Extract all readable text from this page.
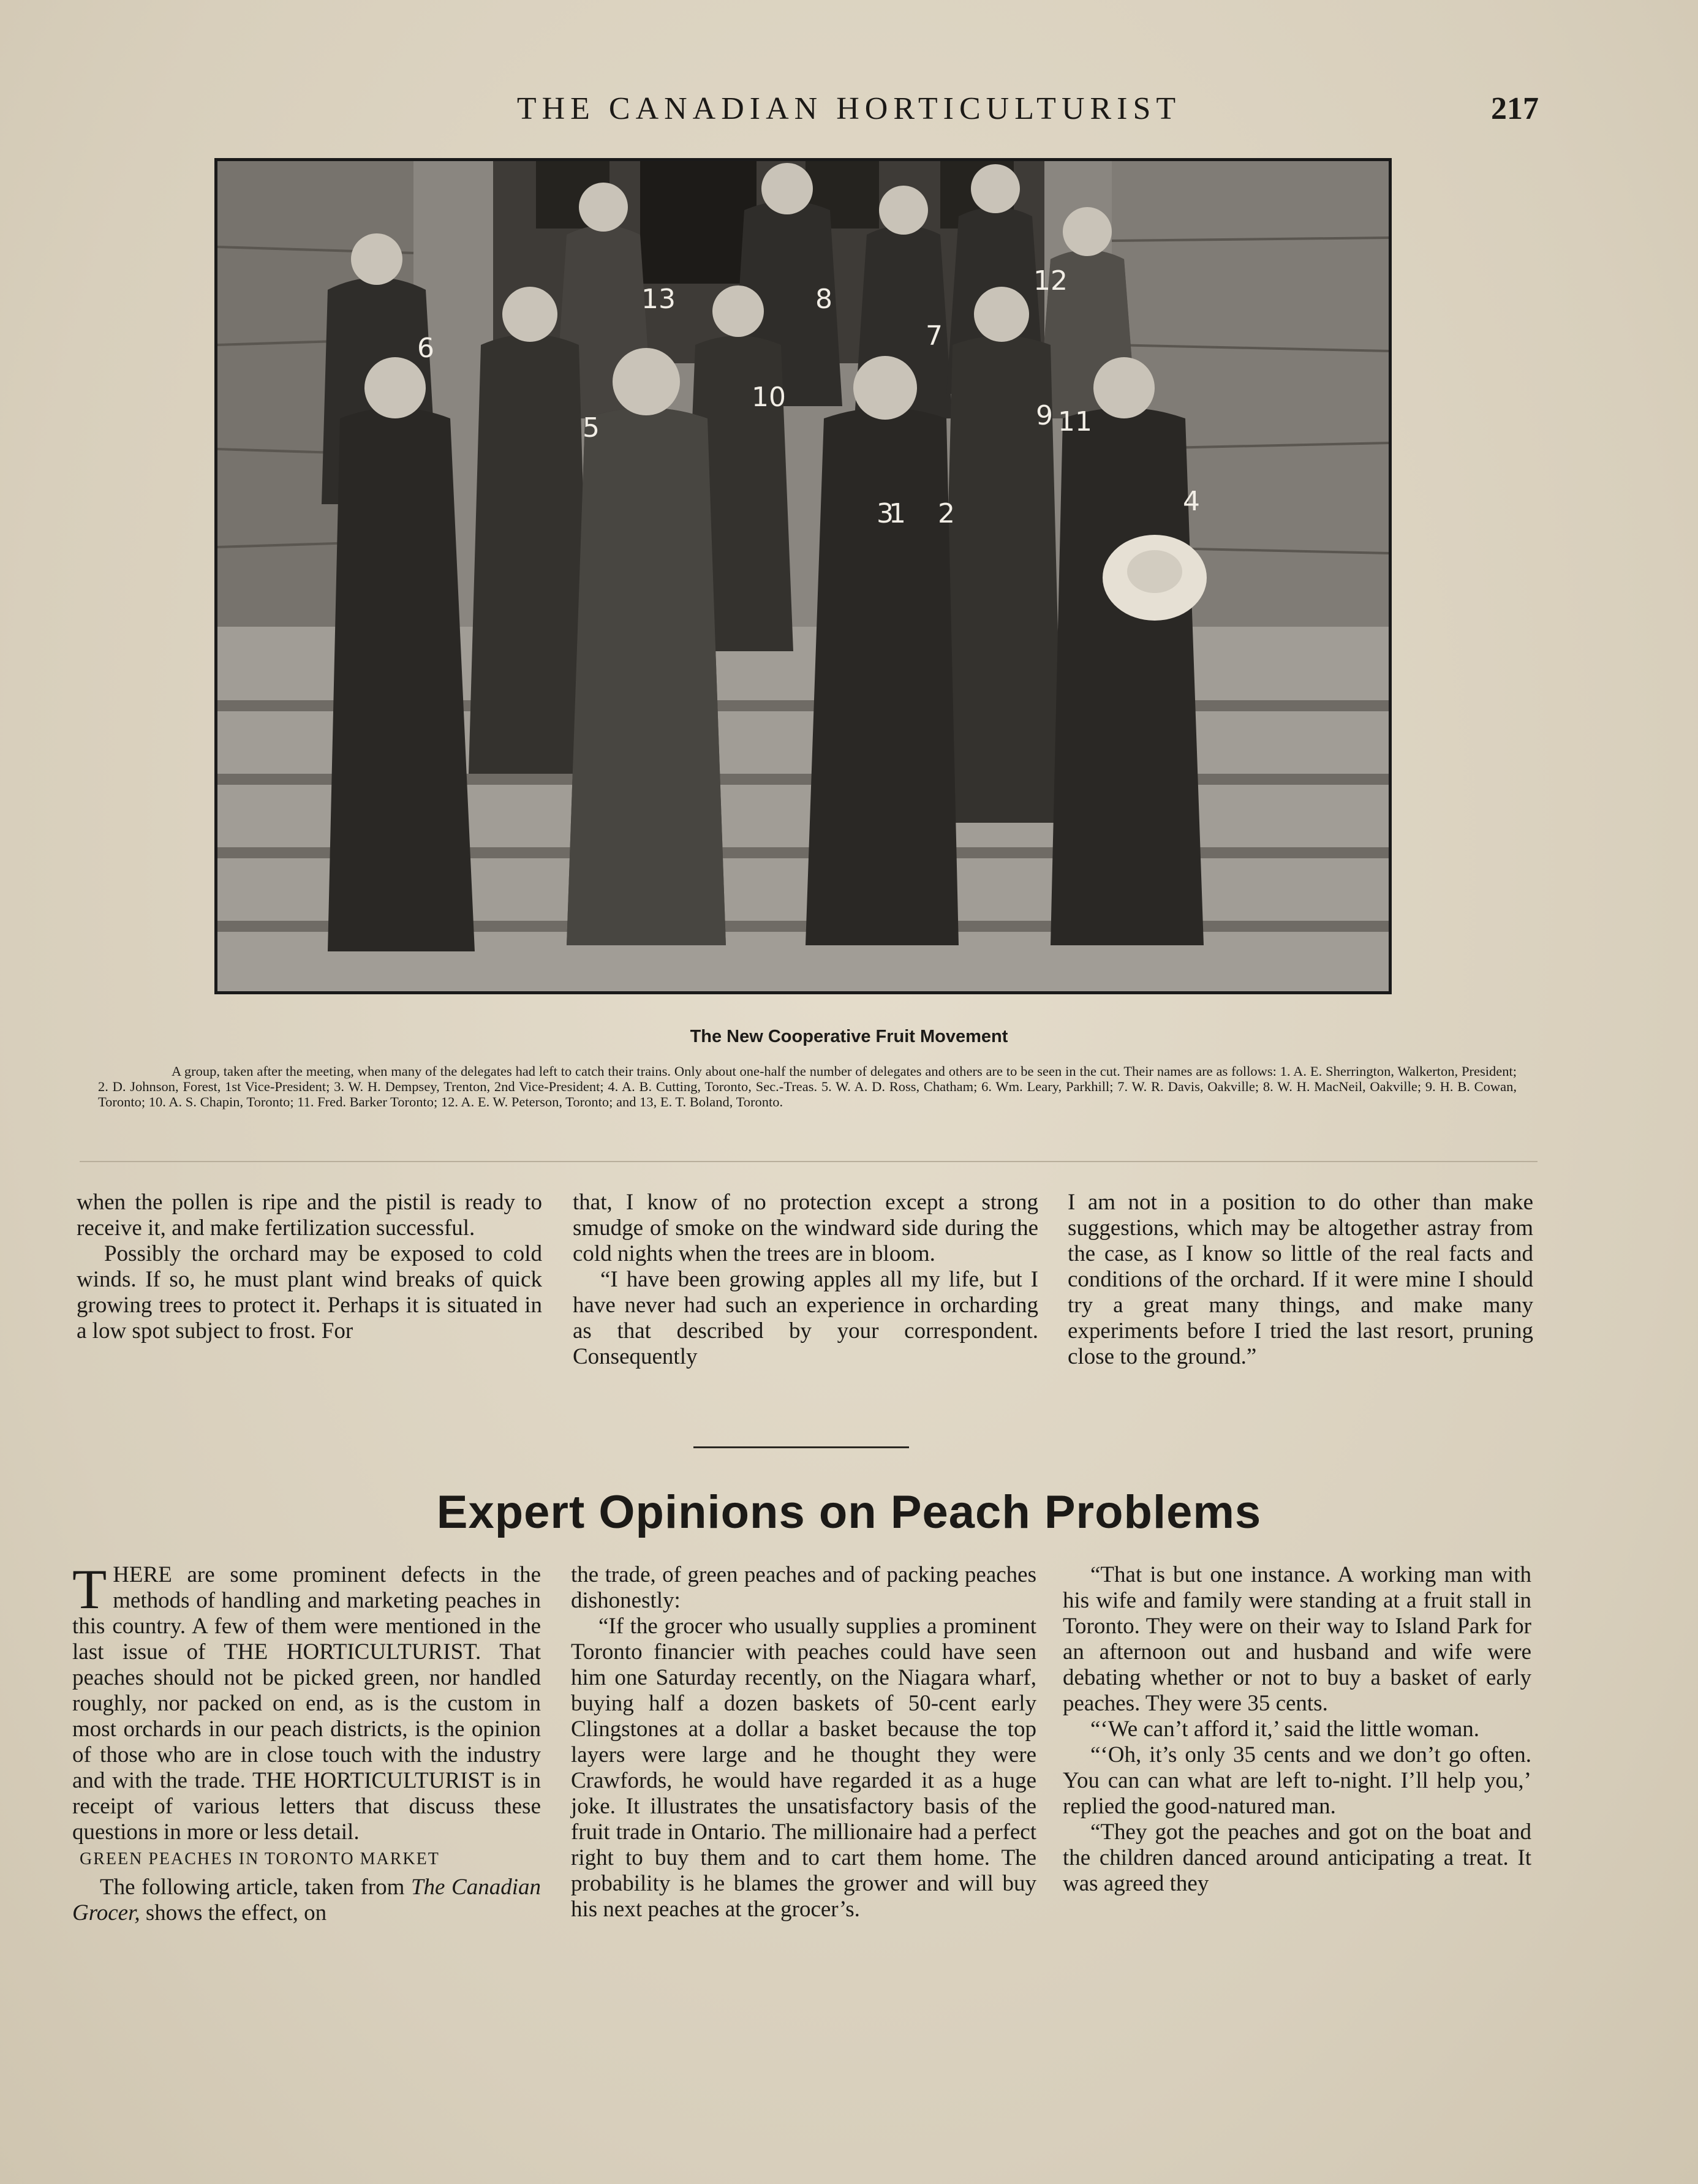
THE CANADIAN HORTICULTURIST	217
1 2
3	4
5
6	7
8
9
10
11
12
13
The New Cooperative Fruit Movement
A group, taken after the meeting, when many of the delegates had left to catch their trains. Only about one-half the number of delegates and others are to be seen in the cut. Their names are as follows: 1. A. E. Sherrington, Walkerton, President; 2. D. Johnson, Forest, 1st Vice-President; 3. W. H. Dempsey, Trenton, 2nd Vice-President; 4. A. B. Cutting, Toronto, Sec.-Treas. 5. W. A. D. Ross, Chatham; 6. Wm. Leary, Parkhill; 7. W. R. Davis, Oakville; 8. W. H. MacNeil, Oakville; 9. H. B. Cowan, Toronto; 10. A. S. Chapin, Toronto; 11. Fred. Barker Toronto; 12. A. E. W. Peterson, Toronto; and 13, E. T. Boland, Toronto.

when the pollen is ripe and the pistil is ready to receive it, and make fertilization successful.

Possibly the orchard may be exposed to cold winds. If so, he must plant wind breaks of quick growing trees to protect it. Perhaps it is situated in a low spot subject to frost. For

that, I know of no protection except a strong smudge of smoke on the windward side during the cold nights when the trees are in bloom.

“I have been growing apples all my life, but I have never had such an experience in orcharding as that described by your correspondent. Consequently

I am not in a position to do other than make suggestions, which may be altogether astray from the case, as I know so little of the real facts and conditions of the orchard. If it were mine I should try a great many things, and make many experiments before I tried the last resort, pruning close to the ground.”

Expert Opinions on Peach Problems

THERE are some prominent defects in the methods of handling and marketing peaches in this country. A few of them were mentioned in the last issue of THE HORTICULTURIST. That peaches should not be picked green, nor handled roughly, nor packed on end, as is the custom in most orchards in our peach districts, is the opinion of those who are in close touch with the industry and with the trade. THE HORTICULTURIST is in receipt of various letters that discuss these questions in more or less detail.

GREEN PEACHES IN TORONTO MARKET

The following article, taken from The Canadian Grocer, shows the effect, on

the trade, of green peaches and of packing peaches dishonestly:

“If the grocer who usually supplies a prominent Toronto financier with peaches could have seen him one Saturday recently, on the Niagara wharf, buying half a dozen baskets of 50-cent early Clingstones at a dollar a basket because the top layers were large and he thought they were Crawfords, he would have regarded it as a huge joke. It illustrates the unsatisfactory basis of the fruit trade in Ontario. The millionaire had a perfect right to buy them and to cart them home. The probability is he blames the grower and will buy his next peaches at the grocer’s.

“That is but one instance. A working man with his wife and family were standing at a fruit stall in Toronto. They were on their way to Island Park for an afternoon out and husband and wife were debating whether or not to buy a basket of early peaches. They were 35 cents.

“‘We can’t afford it,’ said the little woman.

“‘Oh, it’s only 35 cents and we don’t go often. You can can what are left to-night. I’ll help you,’ replied the good-natured man.

“They got the peaches and got on the boat and the children danced around anticipating a treat. It was agreed they
